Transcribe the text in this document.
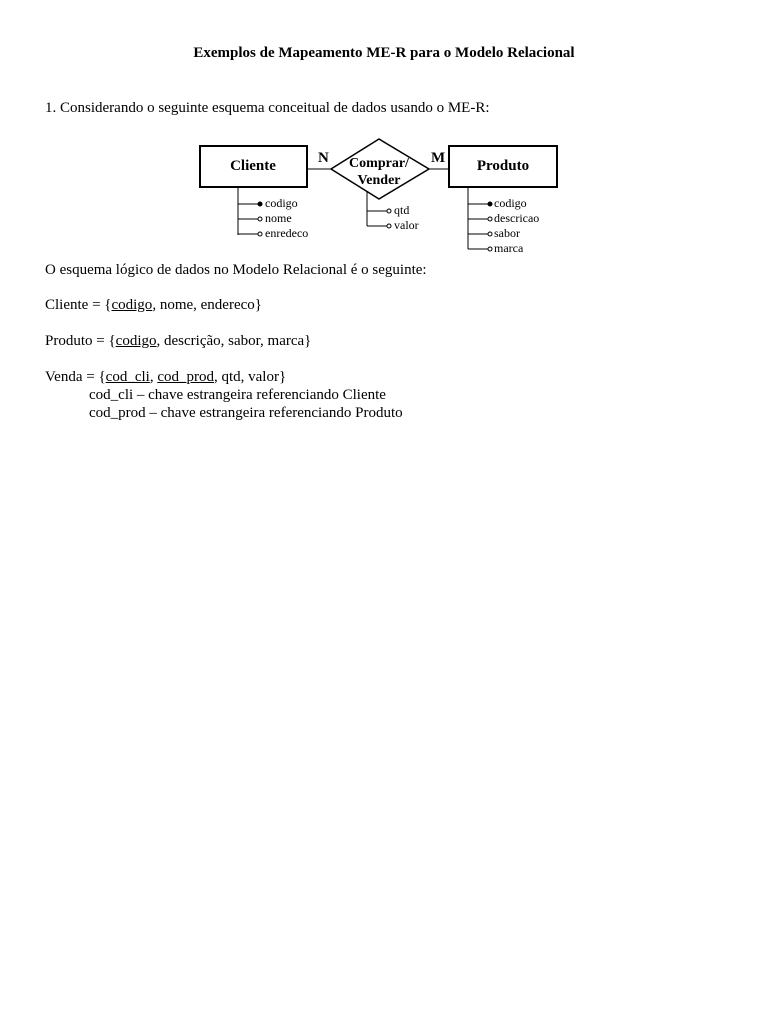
Exemplos de Mapeamento ME-R para o Modelo Relacional
1. Considerando o seguinte esquema conceitual de dados usando o ME-R:
Cliente	Produto
Comprar/
Vender
N	M
codigo
nome
enredeco
qtd
valor
codigo
descricao
sabor
marca
O esquema lógico de dados no Modelo Relacional é o seguinte:
Cliente = {codigo, nome, endereco}
Produto = {codigo, descrição, sabor, marca}
Venda = {cod_cli, cod_prod, qtd, valor}
cod_cli – chave estrangeira referenciando Cliente
cod_prod – chave estrangeira referenciando Produto
